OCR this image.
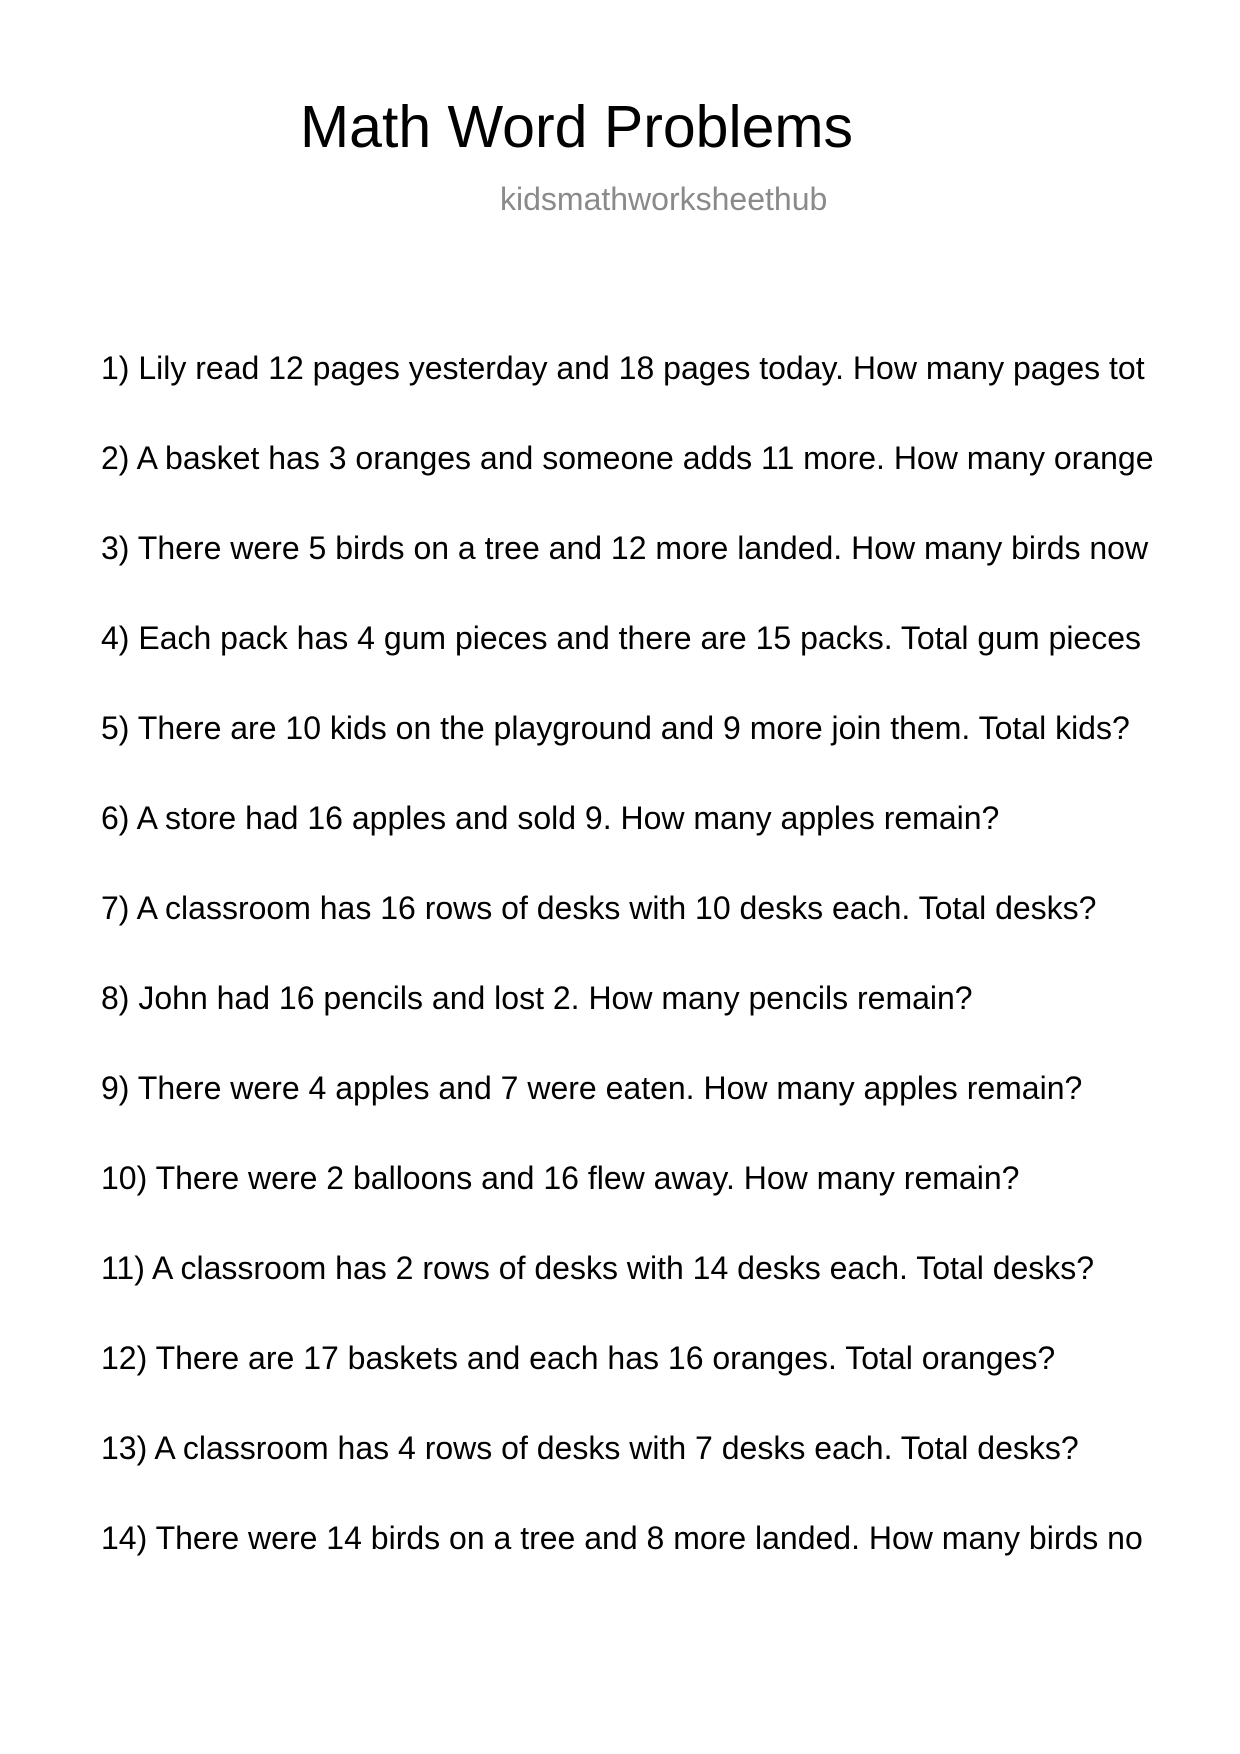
Math Word Problems
kidsmathworksheethub
1) Lily read 12 pages yesterday and 18 pages today. How many pages tot
2) A basket has 3 oranges and someone adds 11 more. How many orange
3) There were 5 birds on a tree and 12 more landed. How many birds now
4) Each pack has 4 gum pieces and there are 15 packs. Total gum pieces
5) There are 10 kids on the playground and 9 more join them. Total kids?
6) A store had 16 apples and sold 9. How many apples remain?
7) A classroom has 16 rows of desks with 10 desks each. Total desks?
8) John had 16 pencils and lost 2. How many pencils remain?
9) There were 4 apples and 7 were eaten. How many apples remain?
10) There were 2 balloons and 16 flew away. How many remain?
11) A classroom has 2 rows of desks with 14 desks each. Total desks?
12) There are 17 baskets and each has 16 oranges. Total oranges?
13) A classroom has 4 rows of desks with 7 desks each. Total desks?
14) There were 14 birds on a tree and 8 more landed. How many birds no
